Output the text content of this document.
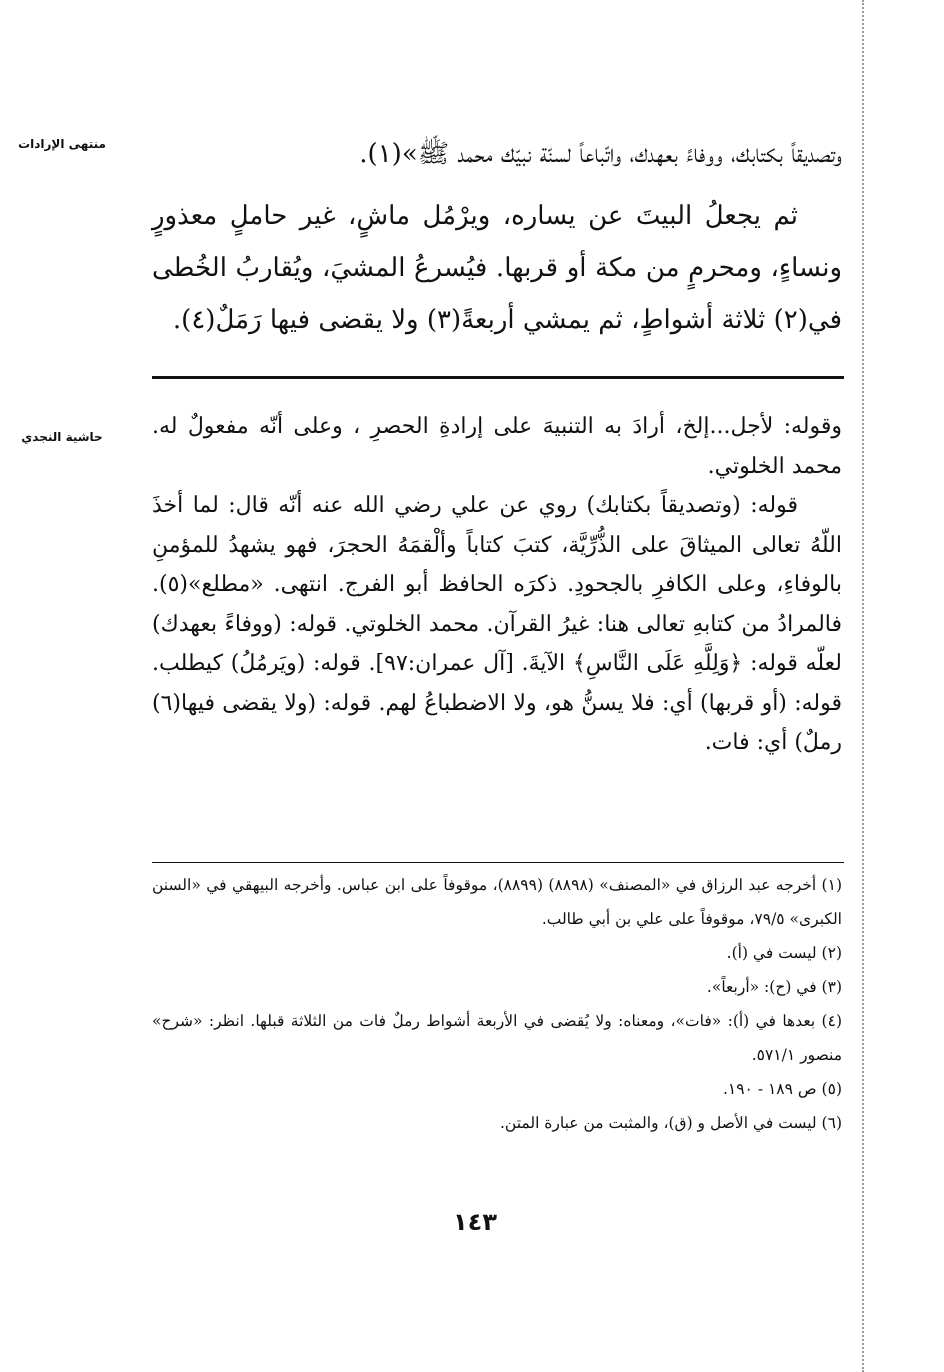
منتهى الإرادات
حاشية النجدي

وتصديقاً بكتابك، ووفاءً بعهدك، واتّباعاً لسنّة نبيّك محمد ﷺ»(١).

ثم يجعلُ البيتَ عن يساره، ويرْمُل ماشٍ، غير حاملٍ معذورٍ ونساءٍ، ومحرمٍ من مكة أو قربها. فيُسرعُ المشيَ، ويُقاربُ الخُطى في(٢) ثلاثة أشواطٍ، ثم يمشي أربعةً(٣) ولا يقضى فيها رَمَلٌ(٤).

وقوله: لأجل...إلخ، أرادَ به التنبيهَ على إرادةِ الحصرِ ، وعلى أنّه مفعولٌ له. محمد الخلوتي.

قوله: (وتصديقاً بكتابك) روي عن علي رضي الله عنه أنّه قال: لما أخذَ اللّهُ تعالى الميثاقَ على الذُّرِّيَّة، كتبَ كتاباً وألْقمَهُ الحجرَ، فهو يشهدُ للمؤمنِ بالوفاءِ، وعلى الكافرِ بالجحودِ. ذكرَه الحافظ أبو الفرج. انتهى. «مطلع»(٥). فالمرادُ من كتابهِ تعالى هنا: غيرُ القرآن. محمد الخلوتي. قوله: (ووفاءً بعهدك) لعلّه قوله: ﴿وَلِلَّهِ عَلَى النَّاسِ﴾ الآيةَ. [آل عمران:٩٧]. قوله: (ويَرمُلُ) كيطلب. قوله: (أو قربها) أي: فلا يسنُّ هو، ولا الاضطباعُ لهم. قوله: (ولا يقضى فيها(٦) رملٌ) أي: فات.

(١) أخرجه عبد الرزاق في «المصنف» (٨٨٩٨) (٨٨٩٩)، موقوفاً على ابن عباس. وأخرجه البيهقي في «السنن الكبرى» ٧٩/٥، موقوفاً على علي بن أبي طالب.

(٢) ليست في (أ).

(٣) في (ح): «أربعاً».

(٤) بعدها في (أ): «فات»، ومعناه: ولا يُقضى في الأربعة أشواط رملٌ فات من الثلاثة قبلها. انظر: «شرح» منصور ٥٧١/١.

(٥) ص ١٨٩ - ١٩٠.

(٦) ليست في الأصل و (ق)، والمثبت من عبارة المتن.

١٤٣
